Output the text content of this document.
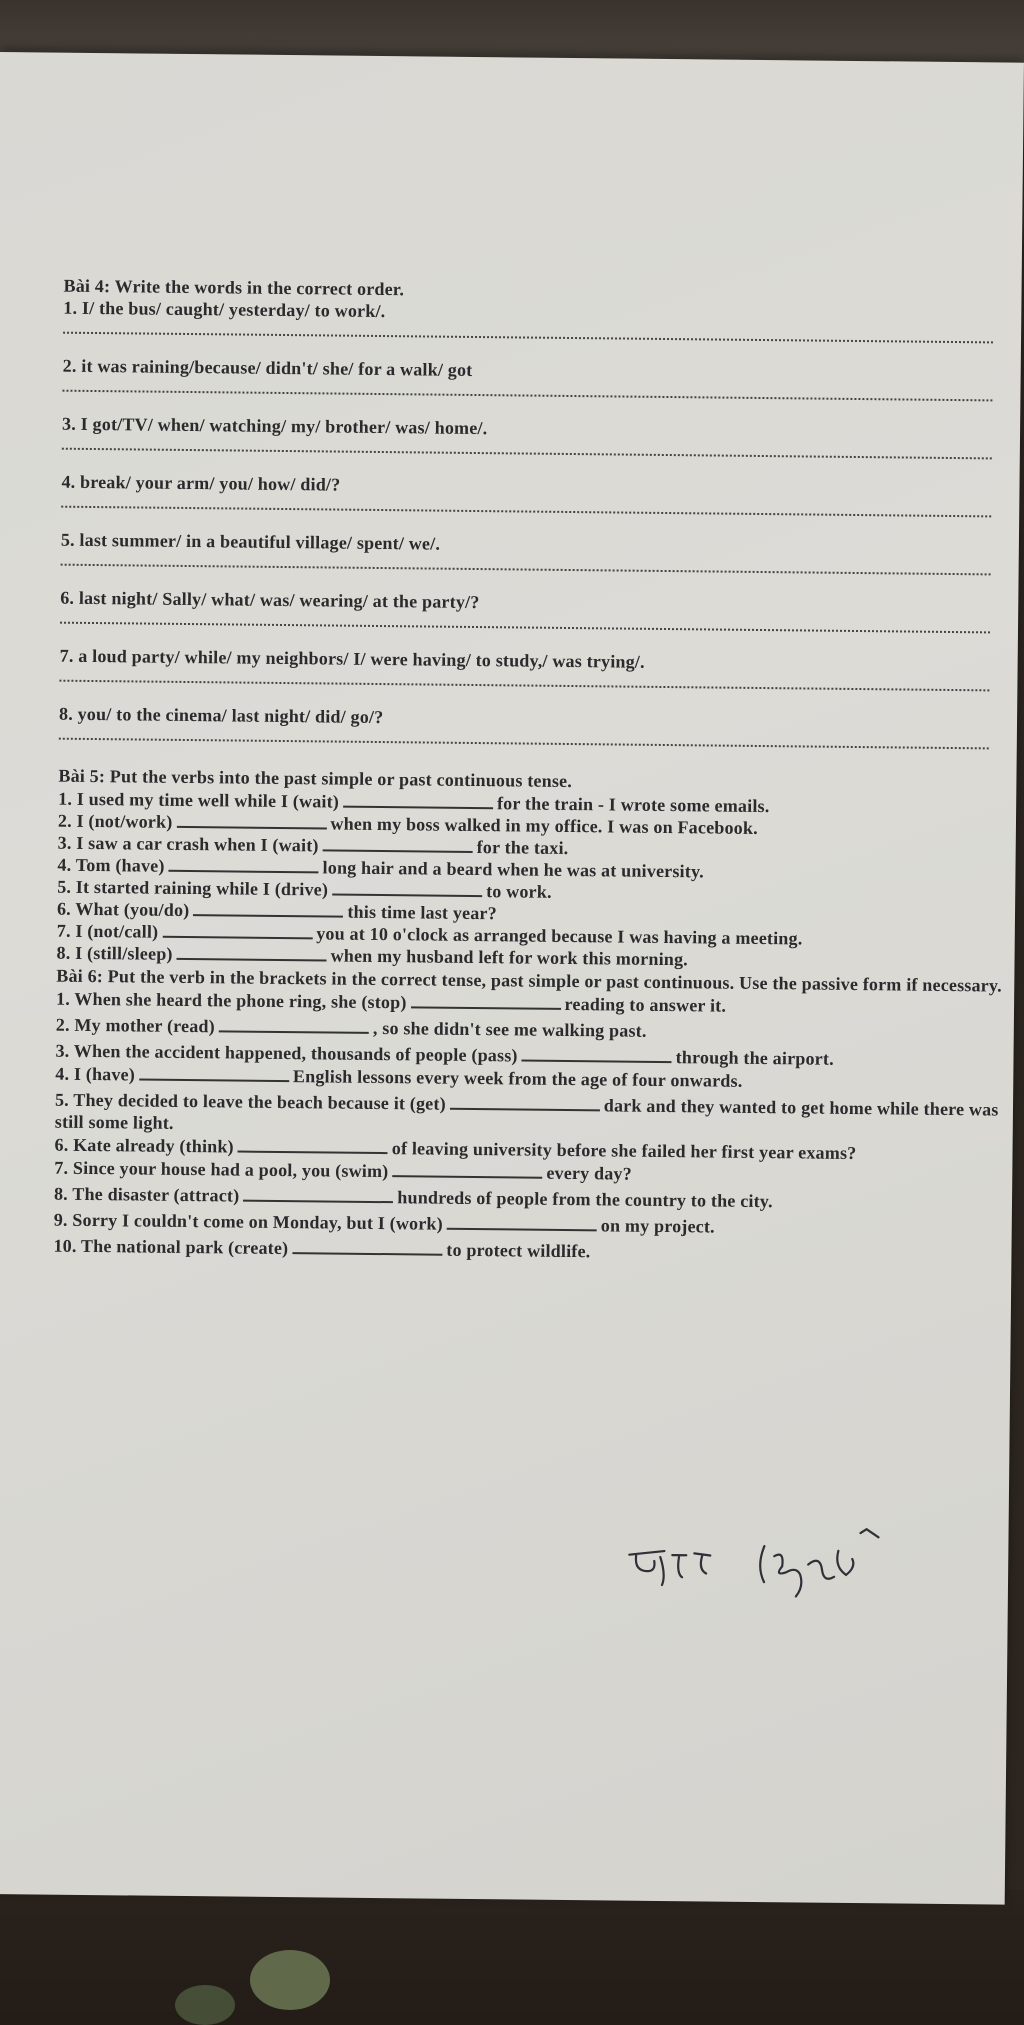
Bài 4: Write the words in the correct order.

1. I/ the bus/ caught/ yesterday/ to work/.
2. it was raining/because/ didn't/ she/ for a walk/ got
3. I got/TV/ when/ watching/ my/ brother/ was/ home/.
4. break/ your arm/ you/ how/ did/?
5. last summer/ in a beautiful village/ spent/ we/.
6. last night/ Sally/ what/ was/ wearing/ at the party/?
7. a loud party/ while/ my neighbors/ I/ were having/ to study,/ was trying/.
8. you/ to the cinema/ last night/ did/ go/?

Bài 5: Put the verbs into the past simple or past continuous tense.

1. I used my time well while I (wait)	for the train - I wrote some emails.

2. I (not/work)	when my boss walked in my office. I was on Facebook.

3. I saw a car crash when I (wait)	for the taxi.

4. Tom (have)	long hair and a beard when he was at university.

5. It started raining while I (drive)	to work.

6. What (you/do)	this time last year?

7. I (not/call)	you at 10 o'clock as arranged because I was having a meeting.

8. I (still/sleep)	when my husband left for work this morning.

Bài 6: Put the verb in the brackets in the correct tense, past simple or past continuous. Use the passive form if necessary.

1. When she heard the phone ring, she (stop)	reading to answer it.

2. My mother (read)	, so she didn't see me walking past.

3. When the accident happened, thousands of people (pass)	through the airport.

4. I (have)	English lessons every week from the age of four onwards.

5. They decided to leave the beach because it (get)	dark and they wanted to get home while there was still some light.

6. Kate already (think)	of leaving university before she failed her first year exams?

7. Since your house had a pool, you (swim)	every day?

8. The disaster (attract)	hundreds of people from the country to the city.

9. Sorry I couldn't come on Monday, but I (work)	on my project.

10. The national park (create)	to protect wildlife.
